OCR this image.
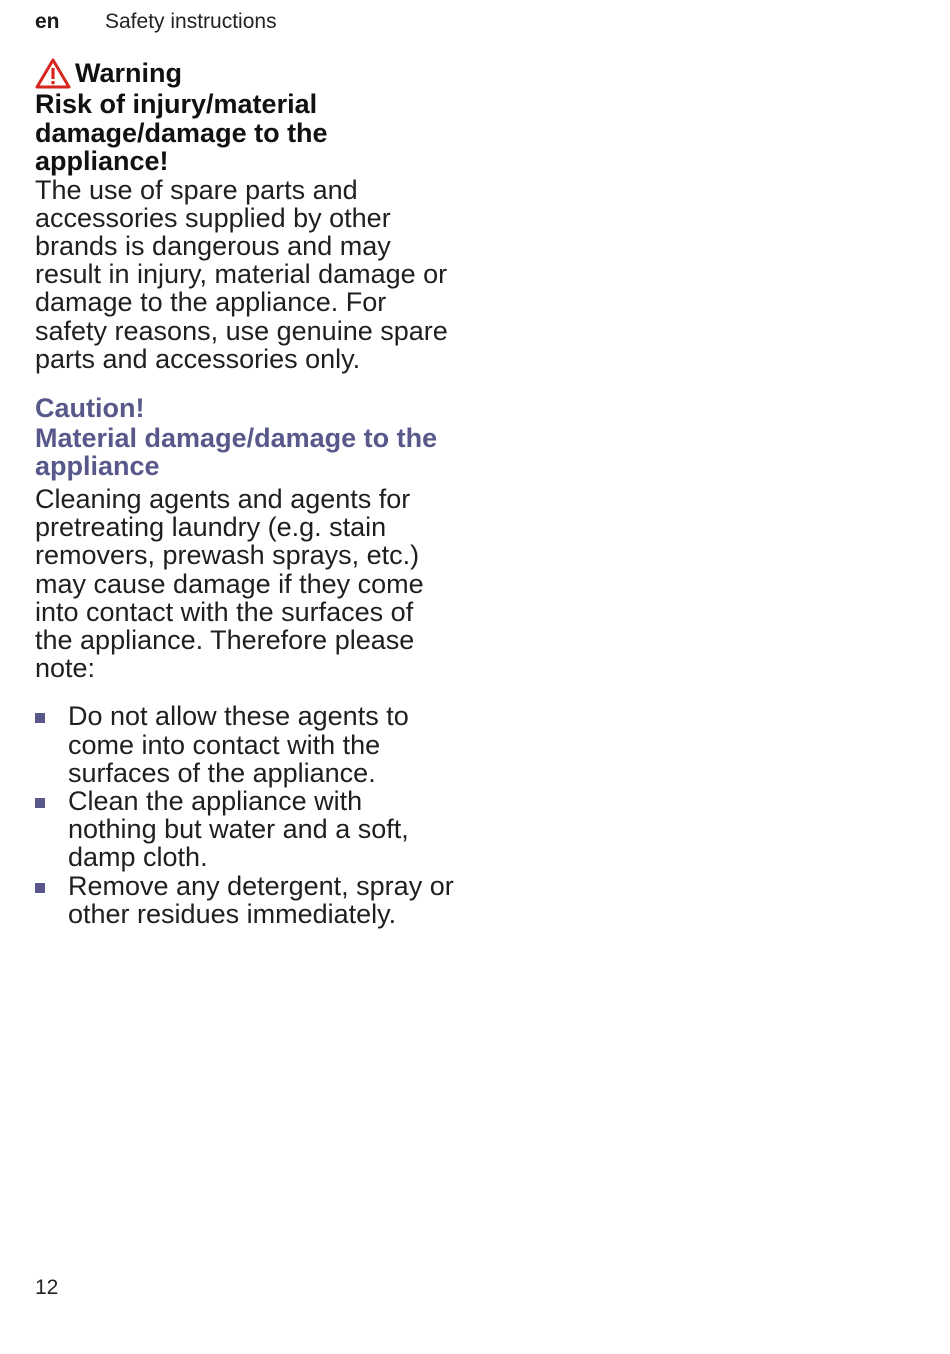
en	Safety instructions
Warning
Risk of injury/material damage/damage to the appliance!
The use of spare parts and accessories supplied by other brands is dangerous and may result in injury, material damage or damage to the appliance. For safety reasons, use genuine spare parts and accessories only.
Caution!
Material damage/damage to the appliance
Cleaning agents and agents for pretreating laundry (e.g. stain removers, prewash sprays, etc.) may cause damage if they come into contact with the surfaces of the appliance. Therefore please note:
Do not allow these agents to come into contact with the surfaces of the appliance.
Clean the appliance with nothing but water and a soft, damp cloth.
Remove any detergent, spray or other residues immediately.
12
